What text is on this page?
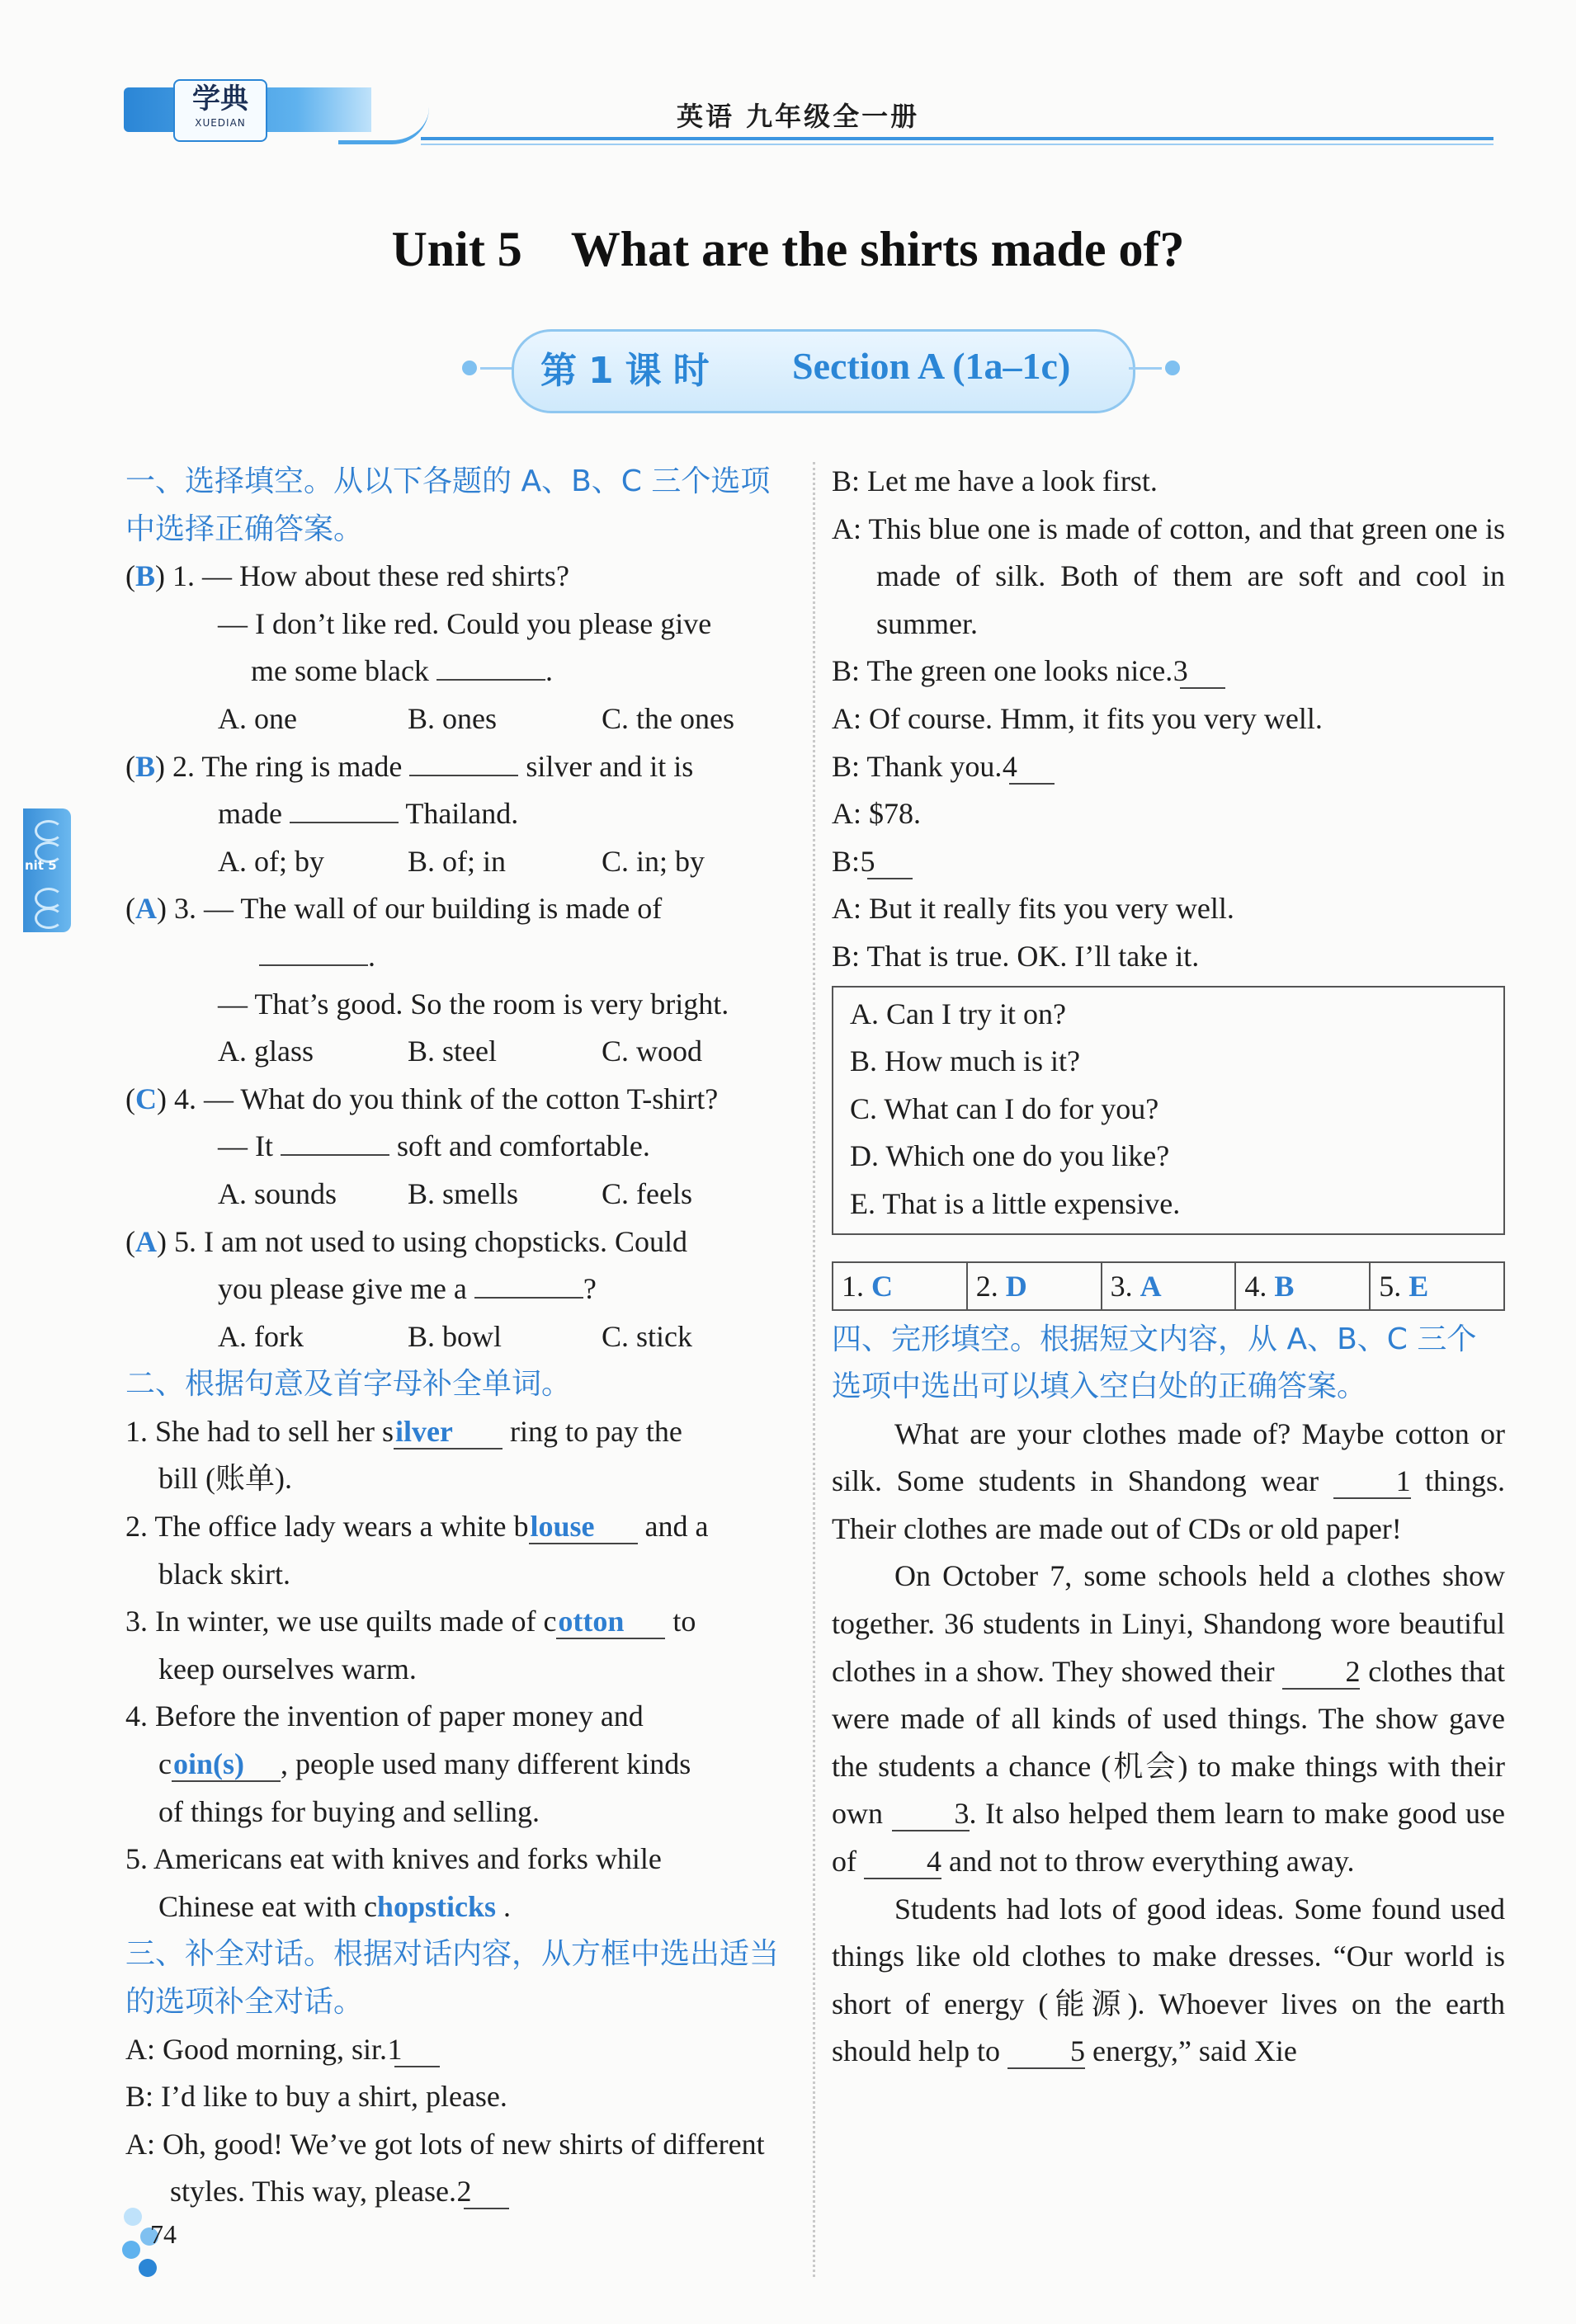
学典
XUEDIAN	英语 九年级全一册
Unit 5    What are the shirts made of?
第1课时 Section A (1a–1c)
nit 5
一、选择填空。从以下各题的 A、B、C 三个选项中选择正确答案。
(B) 1. — How about these red shirts?
— I don’t like red. Could you please give
me some black	.
A. one	B. ones	C. the ones
(B) 2. The ring is made	silver and it is
made	Thailand.
A. of; by	B. of; in	C. in; by
(A) 3. — The wall of our building is made of
.
— That’s good. So the room is very bright.
A. glass	B. steel	C. wood
(C) 4. — What do you think of the cotton T-shirt?
— It	soft and comfortable.
A. sounds	B. smells	C. feels
(A) 5. I am not used to using chopsticks. Could
you please give me a	?
A. fork	B. bowl	C. stick
二、根据句意及首字母补全单词。
1. She had to sell her silver ring to pay the
bill (账单).
2. The office lady wears a white blouse and a
black skirt.
3. In winter, we use quilts made of cotton to
keep ourselves warm.
4. Before the invention of paper money and
coin(s) , people used many different kinds
of things for buying and selling.
5. Americans eat with knives and forks while
Chinese eat with chopsticks .
三、补全对话。根据对话内容，从方框中选出适当的选项补全对话。
A: Good morning, sir. 1
B: I’d like to buy a shirt, please.
A: Oh, good! We’ve got lots of new shirts of different styles. This way, please. 2
B: Let me have a look first.
A: This blue one is made of cotton, and that green one is made of silk. Both of them are soft and cool in summer.
B: The green one looks nice. 3
A: Of course. Hmm, it fits you very well.
B: Thank you. 4
A: $78.
B: 5
A: But it really fits you very well.
B: That is true. OK. I’ll take it.
A. Can I try it on?
B. How much is it?
C. What can I do for you?
D. Which one do you like?
E. That is a little expensive.
1. C	2. D	3. A	4. B	5. E
四、完形填空。根据短文内容，从 A、B、C 三个选项中选出可以填入空白处的正确答案。
What are your clothes made of? Maybe cotton or silk. Some students in Shandong wear	1 things. Their clothes are made out of CDs or old paper!
On October 7, some schools held a clothes show together. 36 students in Linyi, Shandong wore beautiful clothes in a show. They showed their 2 clothes that were made of all kinds of used things. The show gave the students a chance (机会) to make things with their own 3. It also helped them learn to make good use of 4 and not to throw everything away.
Students had lots of good ideas. Some found used things like old clothes to make dresses. “Our world is short of energy (能源). Whoever lives on the earth should help to 5 energy,” said Xie
74
